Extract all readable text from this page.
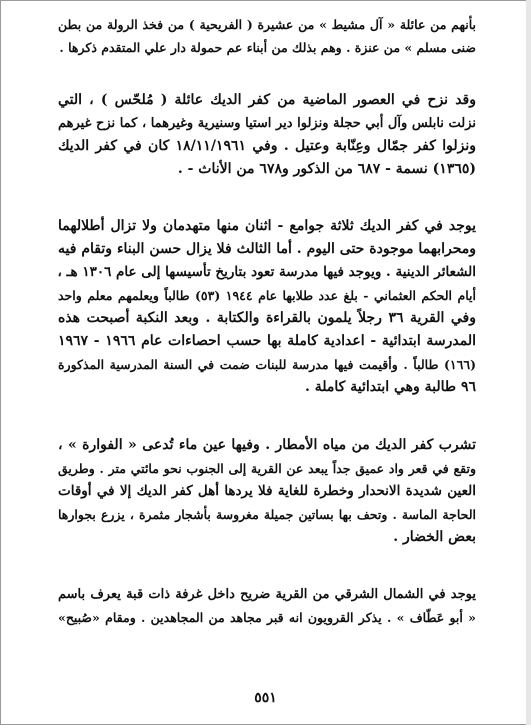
بأنهم من عائلة « آل مشيط » من عشيرة ( الفريحية ) من فخذ الرولة من بطن
ضنى مسلم » من عنزة . وهم بذلك من أبناء عم حمولة دار علي المتقدم ذكرها .
وقد نزح في العصور الماضية من كفر الديك عائلة ( مُلحّس ) ، التي
نزلت نابلس وآل أبي حجلة ونزلوا دير استيا وسنيرية وغيرهما ، كما نزح غيرهم
ونزلوا كفر جمّال وعِنّابة وعتيل . وفي ١٨/١١/١٩٦١ كان في كفر الديك
(١٣٦٥) نسمة - ٦٨٧ من الذكور و٦٧٨ من الأناث - .
يوجد في كفر الديك ثلاثة جوامع - اثنان منها متهدمان ولا تزال أطلالهما
ومحرابهما موجودة حتى اليوم . أما الثالث فلا يزال حسن البناء وتقام فيه
الشعائر الدينية . ويوجد فيها مدرسة تعود بتاريخ تأسيسها إلى عام ١٣٠٦ هـ ،
أيام الحكم العثماني - بلغ عدد طلابها عام ١٩٤٤ (٥٣) طالباً ويعلمهم معلم واحد
وفي القرية ٣٦ رجلاً يلمون بالقراءة والكتابة . وبعد النكبة أصبحت هذه
المدرسة ابتدائية - اعدادية كاملة بها حسب احصاءات عام ١٩٦٦ - ١٩٦٧
(١٦٦) طالباً . وأقيمت فيها مدرسة للبنات ضمت في السنة المدرسية المذكورة
٩٦ طالبة وهي ابتدائية كاملة .
تشرب كفر الديك من مياه الأمطار . وفيها عين ماء تُدعى « الفوارة » ،
وتقع في قعر واد عميق جداً يبعد عن القرية إلى الجنوب نحو مائتي متر . وطريق
العين شديدة الانحدار وخطرة للغاية فلا يردها أهل كفر الديك إلا في أوقات
الحاجة الماسة . وتحف بها بساتين جميلة مغروسة بأشجار مثمرة ، يزرع بجوارها
بعض الخضار .
يوجد في الشمال الشرقي من القرية ضريح داخل غرفة ذات قبة يعرف باسم
« أبو عَطّاف » . يذكر القرويون انه قبر مجاهد من المجاهدين . ومقام «صُبيح»
٥٥١
